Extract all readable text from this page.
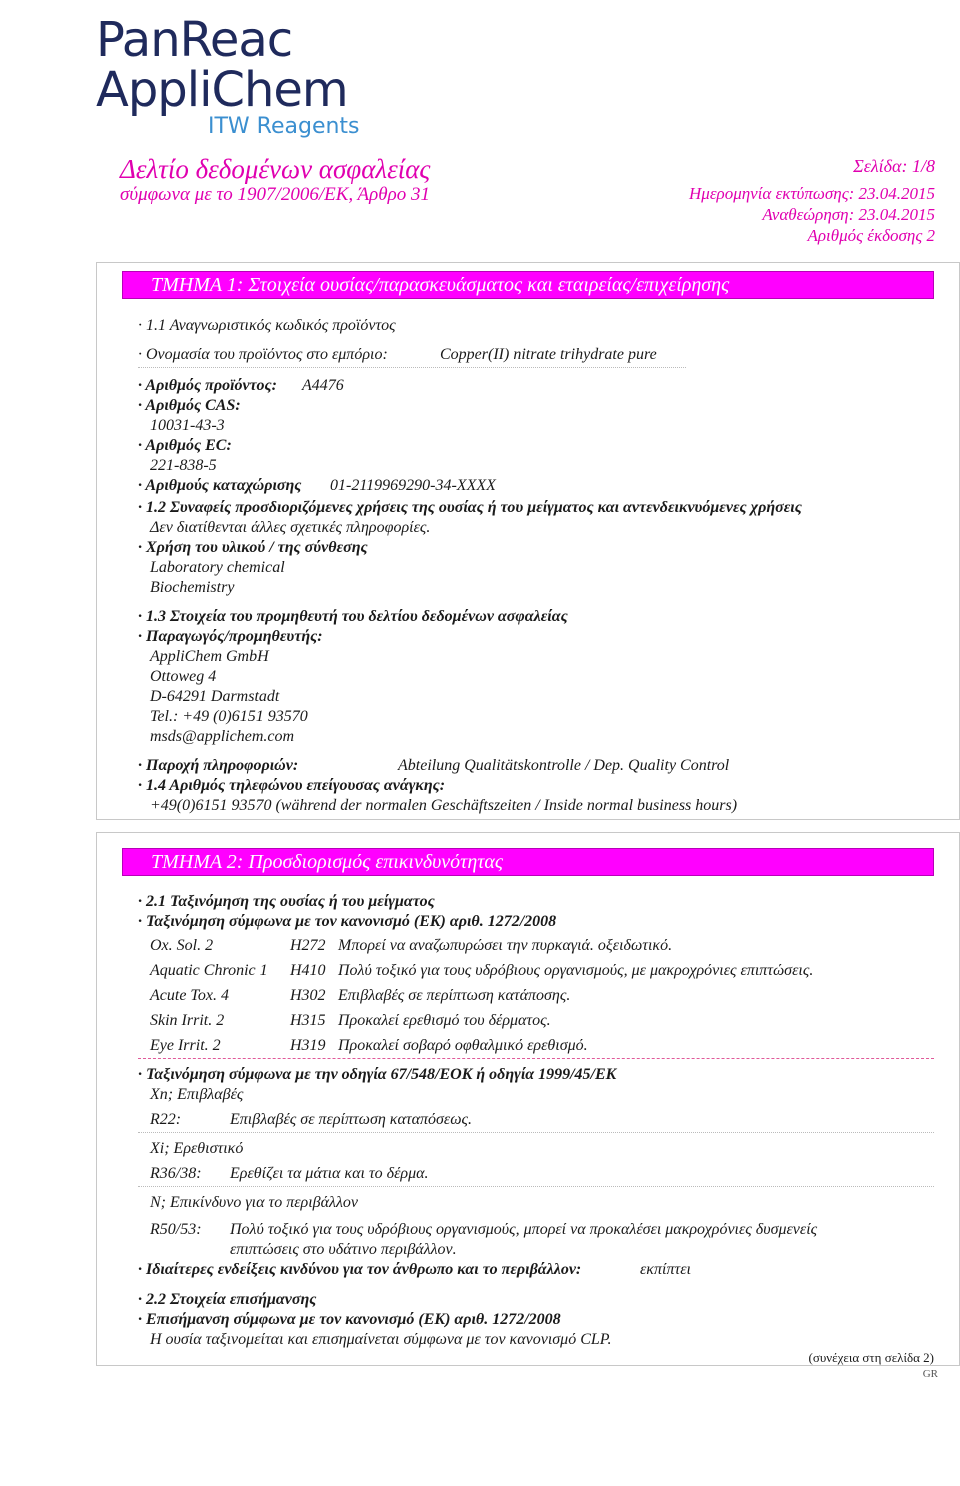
PanReac
AppliChem
ITW Reagents
Δελτίο δεδομένων ασφαλείας
σύμφωνα με το 1907/2006/ΕΚ, Άρθρο 31
Σελίδα: 1/8
Ημερομηνία εκτύπωσης: 23.04.2015
Αναθεώρηση: 23.04.2015
Αριθμός έκδοσης 2
ΤΜΗΜΑ 1: Στοιχεία ουσίας/παρασκευάσματος και εταιρείας/επιχείρησης
· 1.1 Αναγνωριστικός κωδικός προϊόντος
· Ονομασία του προϊόντος στο εμπόριο:	Copper(II) nitrate trihydrate pure
· Αριθμός προϊόντος: A4476
· Αριθμός CAS:
10031-43-3
· Αριθμός EC:
221-838-5
· Αριθμούς καταχώρισης 01-2119969290-34-XXXX
· 1.2 Συναφείς προσδιοριζόμενες χρήσεις της ουσίας ή του μείγματος και αντενδεικνυόμενες χρήσεις
Δεν διατίθενται άλλες σχετικές πληροφορίες.
· Χρήση του υλικού / της σύνθεσης
Laboratory chemical
Biochemistry
· 1.3 Στοιχεία του προμηθευτή του δελτίου δεδομένων ασφαλείας
· Παραγωγός/προμηθευτής:
AppliChem GmbH
Ottoweg 4
D-64291 Darmstadt
Tel.: +49 (0)6151 93570
msds@applichem.com
· Παροχή πληροφοριών:	Abteilung Qualitätskontrolle / Dep. Quality Control
· 1.4 Αριθμός τηλεφώνου επείγουσας ανάγκης:
+49(0)6151 93570 (während der normalen Geschäftszeiten / Inside normal business hours)
ΤΜΗΜΑ 2: Προσδιορισμός επικινδυνότητας
· 2.1 Ταξινόμηση της ουσίας ή του μείγματος
· Ταξινόμηση σύμφωνα με τον κανονισμό (ΕΚ) αριθ. 1272/2008
Ox. Sol. 2	H272 Μπορεί να αναζωπυρώσει την πυρκαγιά. οξειδωτικό.
Aquatic Chronic 1 H410 Πολύ τοξικό για τους υδρόβιους οργανισμούς, με μακροχρόνιες επιπτώσεις.
Acute Tox. 4	H302 Επιβλαβές σε περίπτωση κατάποσης.
Skin Irrit. 2	H315 Προκαλεί ερεθισμό του δέρματος.
Eye Irrit. 2	H319 Προκαλεί σοβαρό οφθαλμικό ερεθισμό.
· Ταξινόμηση σύμφωνα με την οδηγία 67/548/ΕΟΚ ή οδηγία 1999/45/ΕΚ
Xn; Επιβλαβές
R22:	Επιβλαβές σε περίπτωση καταπόσεως.
Xi; Ερεθιστικό
R36/38: Ερεθίζει τα μάτια και το δέρμα.
N; Επικίνδυνο για το περιβάλλον
R50/53: Πολύ τοξικό για τους υδρόβιους οργανισμούς, μπορεί να προκαλέσει μακροχρόνιες δυσμενείς
επιπτώσεις στο υδάτινο περιβάλλον.
· Ιδιαίτερες ενδείξεις κινδύνου για τον άνθρωπο και το περιβάλλον:	εκπίπτει
· 2.2 Στοιχεία επισήμανσης
· Επισήμανση σύμφωνα με τον κανονισμό (ΕΚ) αριθ. 1272/2008
Η ουσία ταξινομείται και επισημαίνεται σύμφωνα με τον κανονισμό CLP.
(συνέχεια στη σελίδα 2)
GR
